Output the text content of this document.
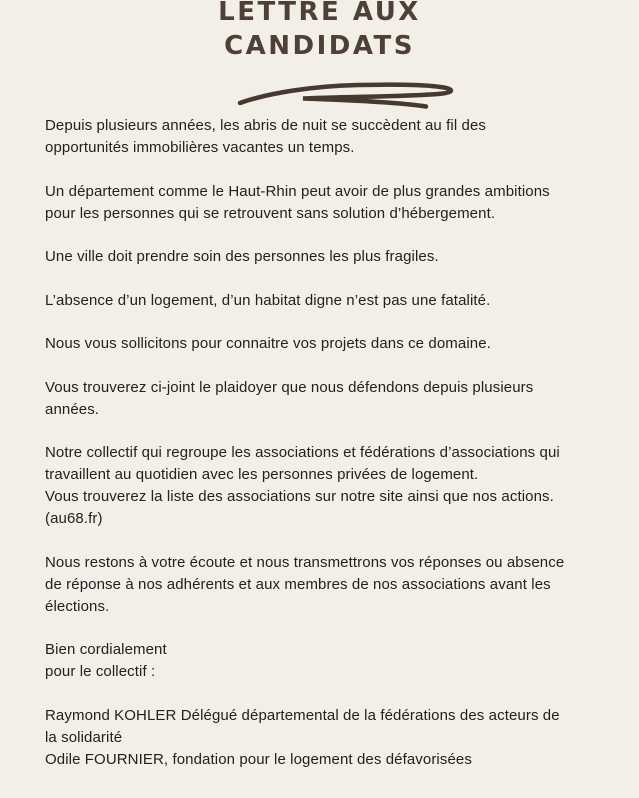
LETTRE AUX
CANDIDATS

Depuis plusieurs années, les abris de nuit se succèdent au fil des
opportunités immobilières vacantes un temps.

Un département comme le Haut-Rhin peut avoir de plus grandes ambitions
pour les personnes qui se retrouvent sans solution d’hébergement.

Une ville doit prendre soin des personnes les plus fragiles.

L’absence d’un logement, d’un habitat digne n’est pas une fatalité.

Nous vous sollicitons pour connaitre vos projets dans ce domaine.

Vous trouverez ci-joint le plaidoyer que nous défendons depuis plusieurs
années.

Notre collectif qui regroupe les associations et fédérations d’associations qui
travaillent au quotidien avec les personnes privées de logement.
Vous trouverez la liste des associations sur notre site ainsi que nos actions.
(au68.fr)

Nous restons à votre écoute et nous transmettrons vos réponses ou absence
de réponse à nos adhérents et aux membres de nos associations avant les
élections.

Bien cordialement
pour le collectif :

Raymond KOHLER Délégué départemental de la fédérations des acteurs de
la solidarité
Odile FOURNIER, fondation pour le logement des défavorisées
